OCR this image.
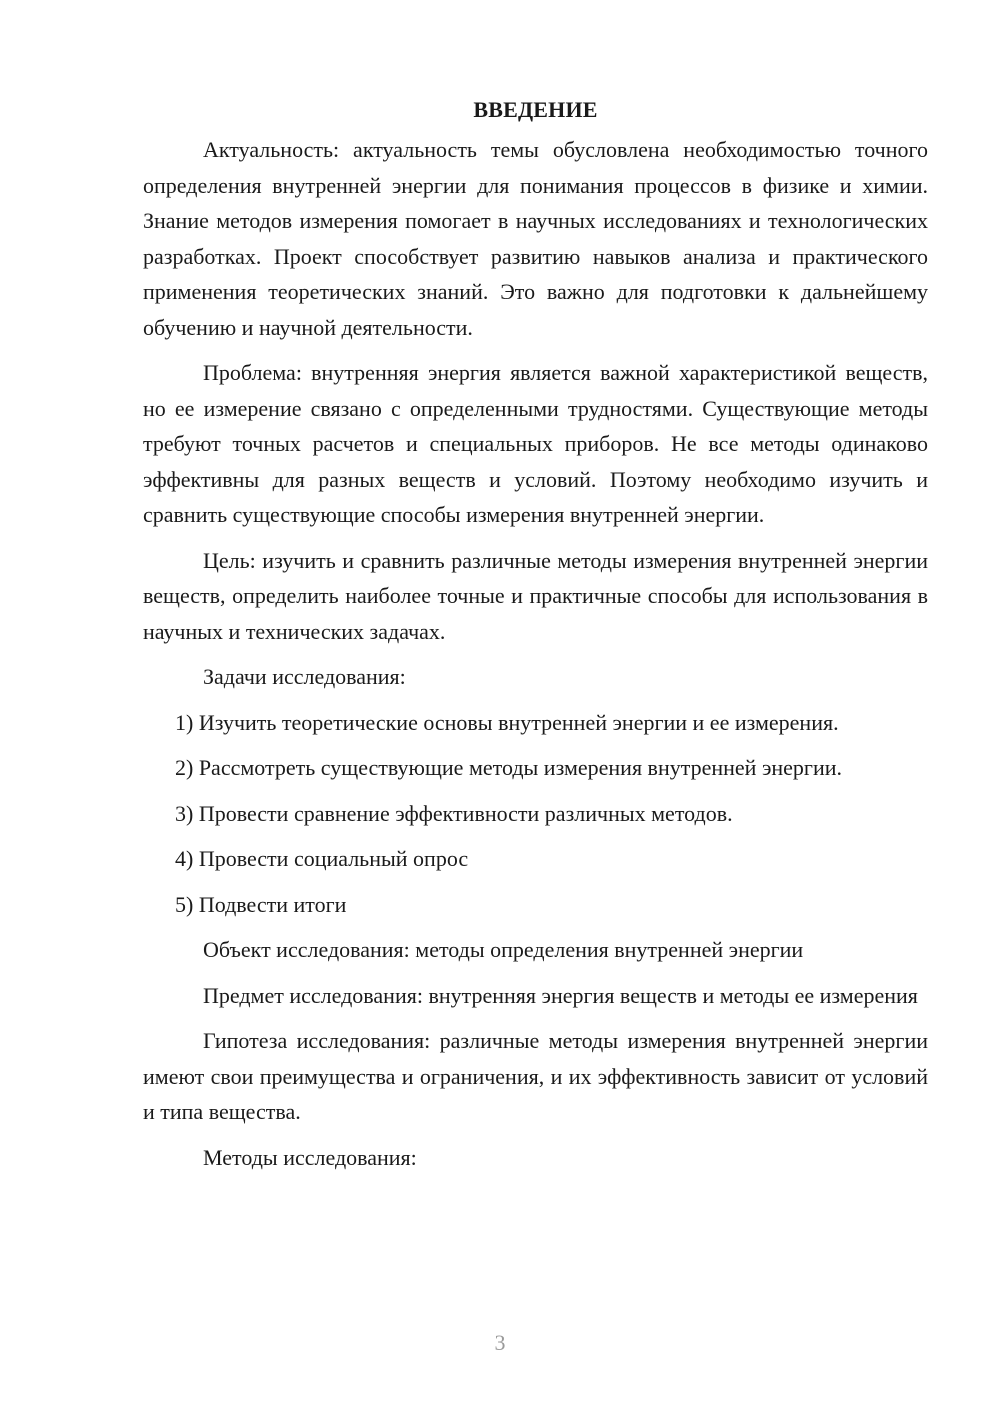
ВВЕДЕНИЕ

Актуальность: актуальность темы обусловлена необходимостью точного определения внутренней энергии для понимания процессов в физике и химии. Знание методов измерения помогает в научных исследованиях и технологических разработках. Проект способствует развитию навыков анализа и практического применения теоретических знаний. Это важно для подготовки к дальнейшему обучению и научной деятельности.

Проблема: внутренняя энергия является важной характеристикой веществ, но ее измерение связано с определенными трудностями. Существующие методы требуют точных расчетов и специальных приборов. Не все методы одинаково эффективны для разных веществ и условий. Поэтому необходимо изучить и сравнить существующие способы измерения внутренней энергии.

Цель: изучить и сравнить различные методы измерения внутренней энергии веществ, определить наиболее точные и практичные способы для использования в научных и технических задачах.

Задачи исследования:

1) Изучить теоретические основы внутренней энергии и ее измерения.
2) Рассмотреть существующие методы измерения внутренней энергии.
3) Провести сравнение эффективности различных методов.
4) Провести социальный опрос
5) Подвести итоги

Объект исследования: методы определения внутренней энергии

Предмет исследования: внутренняя энергия веществ и методы ее измерения

Гипотеза исследования: различные методы измерения внутренней энергии имеют свои преимущества и ограничения, и их эффективность зависит от условий и типа вещества.

Методы исследования:

3
